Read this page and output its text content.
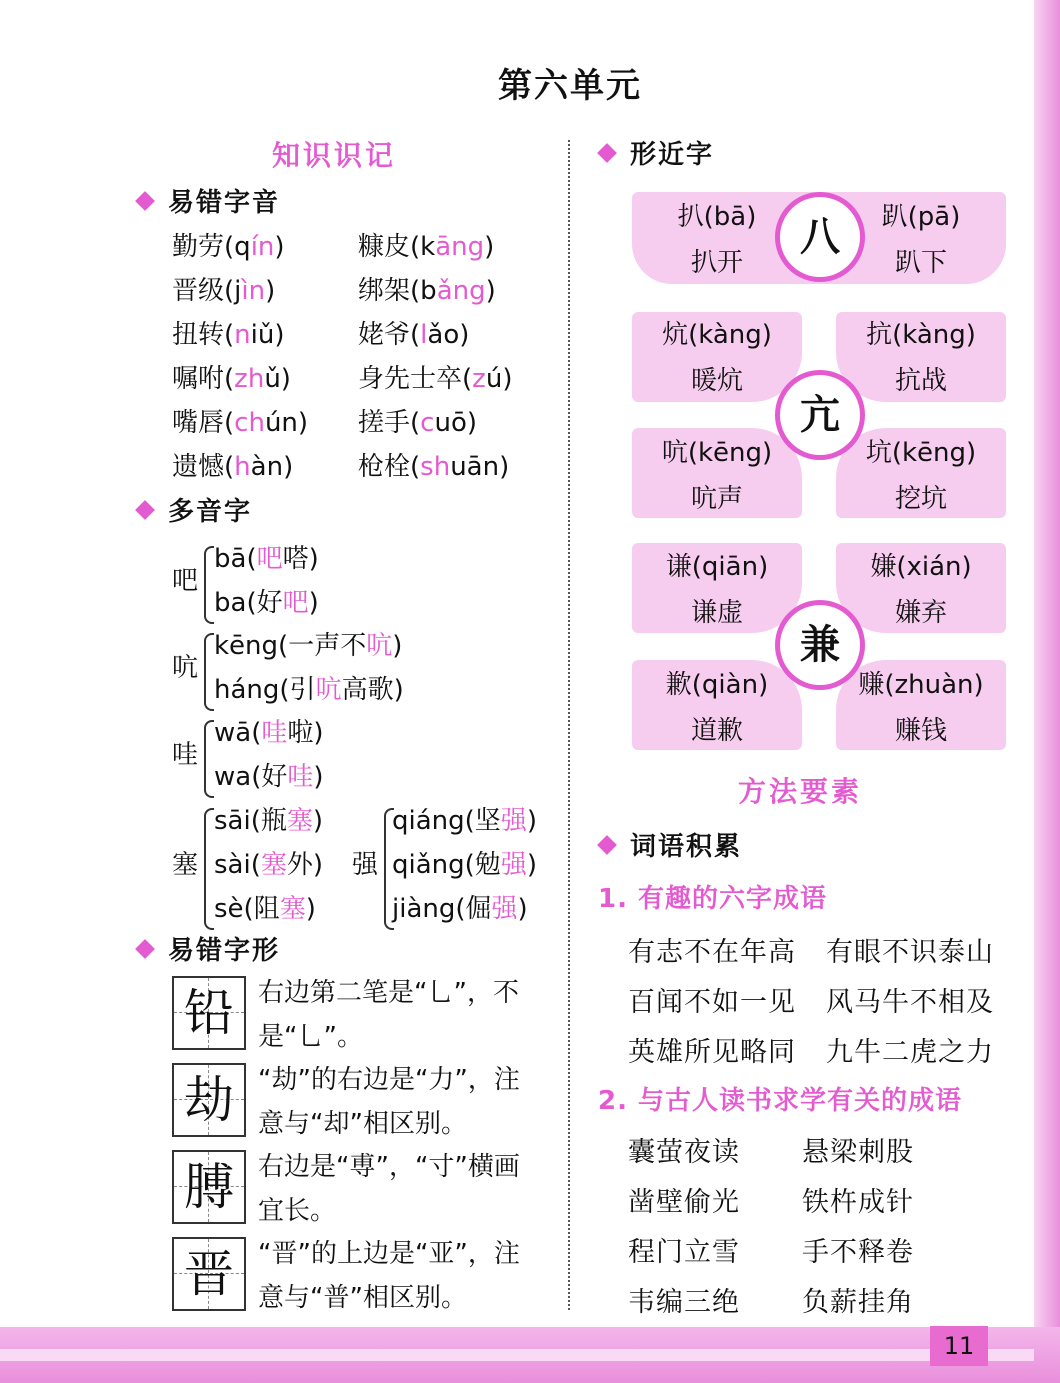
11
第六单元
知识识记
易错字音
勤劳(qín)	糠皮(kāng)
晋级(jìn)	绑架(bǎng)
扭转(niǔ)	姥爷(lǎo)
嘱咐(zhǔ)	身先士卒(zú)
嘴唇(chún) 搓手(cuō)
遗憾(hàn) 枪栓(shuān)
多音字
吧
bā(吧嗒)
ba(好吧)
吭
kēng(一声不吭)
háng(引吭高歌)
哇
wā(哇啦)
wa(好哇)
塞
sāi(瓶塞)
sài(塞外)
sè(阻塞)
强
qiáng(坚强)
qiǎng(勉强)
jiàng(倔强)
易错字形
铅 右边第二笔是“乚”，不
是“乚”。
劫 “劫”的右边是“力”，注
意与“却”相区别。
膊 右边是“尃”，“寸”横画
宜长。
晋 “晋”的上边是“亚”，注
意与“普”相区别。
形近字
八
亢
兼
扒(bā)
扒开
趴(pā)
趴下
炕(kàng)
暖炕
抗(kàng)
抗战
吭(kēng)
吭声
坑(kēng)
挖坑
谦(qiān)
谦虚
嫌(xián)
嫌弃
歉(qiàn)
道歉
赚(zhuàn)
赚钱
方法要素
词语积累
1. 有趣的六字成语
有志不在年高 有眼不识泰山
百闻不如一见 风马牛不相及
英雄所见略同 九牛二虎之力
2. 与古人读书求学有关的成语
囊萤夜读 悬梁刺股
凿壁偷光 铁杵成针
程门立雪 手不释卷
韦编三绝 负薪挂角
